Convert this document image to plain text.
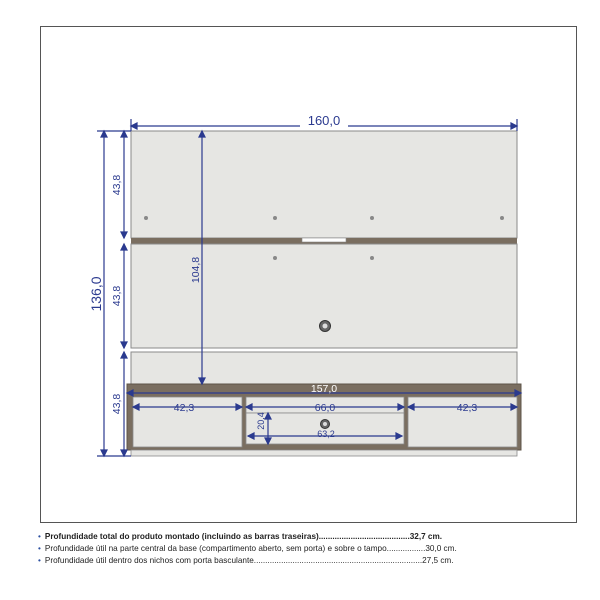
160,0
136,0
43,8
43,8
43,8
104,8
157,0
42,3	66,0	42,3
20,4
63,2
• Profundidade total do produto montado (incluindo as barras traseiras)........................................32,7 cm.
• Profundidade útil na parte central da base (compartimento aberto, sem porta) e sobre o tampo.................30,0 cm.
• Profundidade útil dentro dos nichos com porta basculante..........................................................................27,5 cm.
